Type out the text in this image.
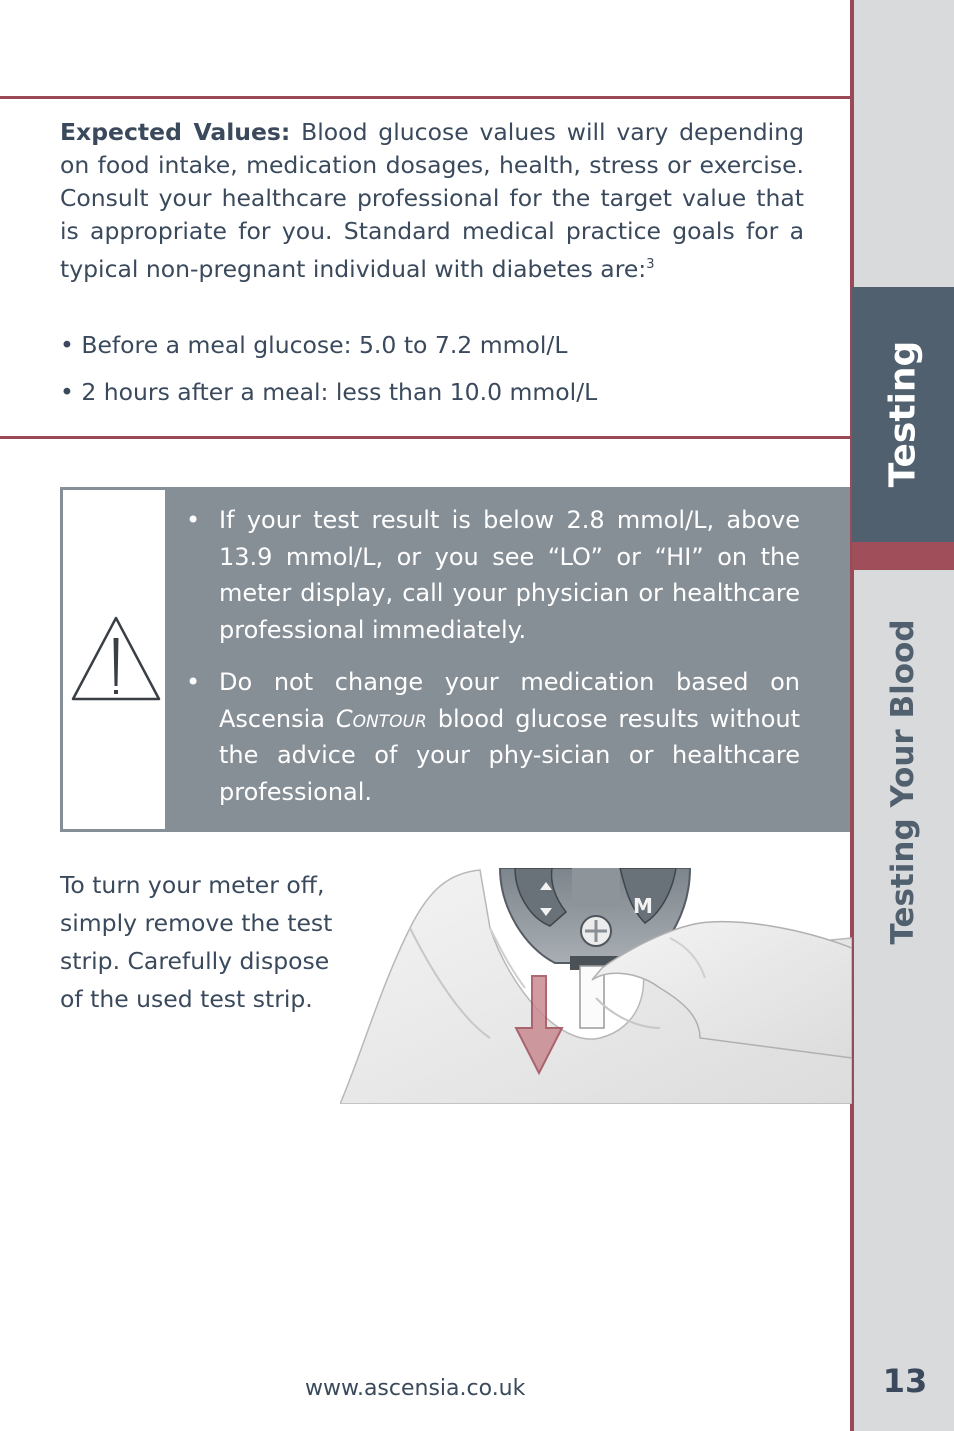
Testing
Testing Your Blood
13
Expected Values: Blood glucose values will vary depending on food intake, medication dosages, health, stress or exercise. Consult your healthcare professional for the target value that is appropriate for you. Standard medical practice goals for a typical non-pregnant individual with diabetes are:$^3$
• Before a meal glucose: 5.0 to 7.2 mmol/L
• 2 hours after a meal: less than 10.0 mmol/L
• If your test result is below 2.8 mmol/L, above 13.9 mmol/L, or you see “LO” or “HI” on the meter display, call your physician or healthcare professional immediately.
• Do not change your medication based on Ascensia Contour blood glucose results without the advice of your phy-sician or healthcare professional.
To turn your meter off,
simply remove the test
strip. Carefully dispose
of the used test strip.
M
www.ascensia.co.uk
